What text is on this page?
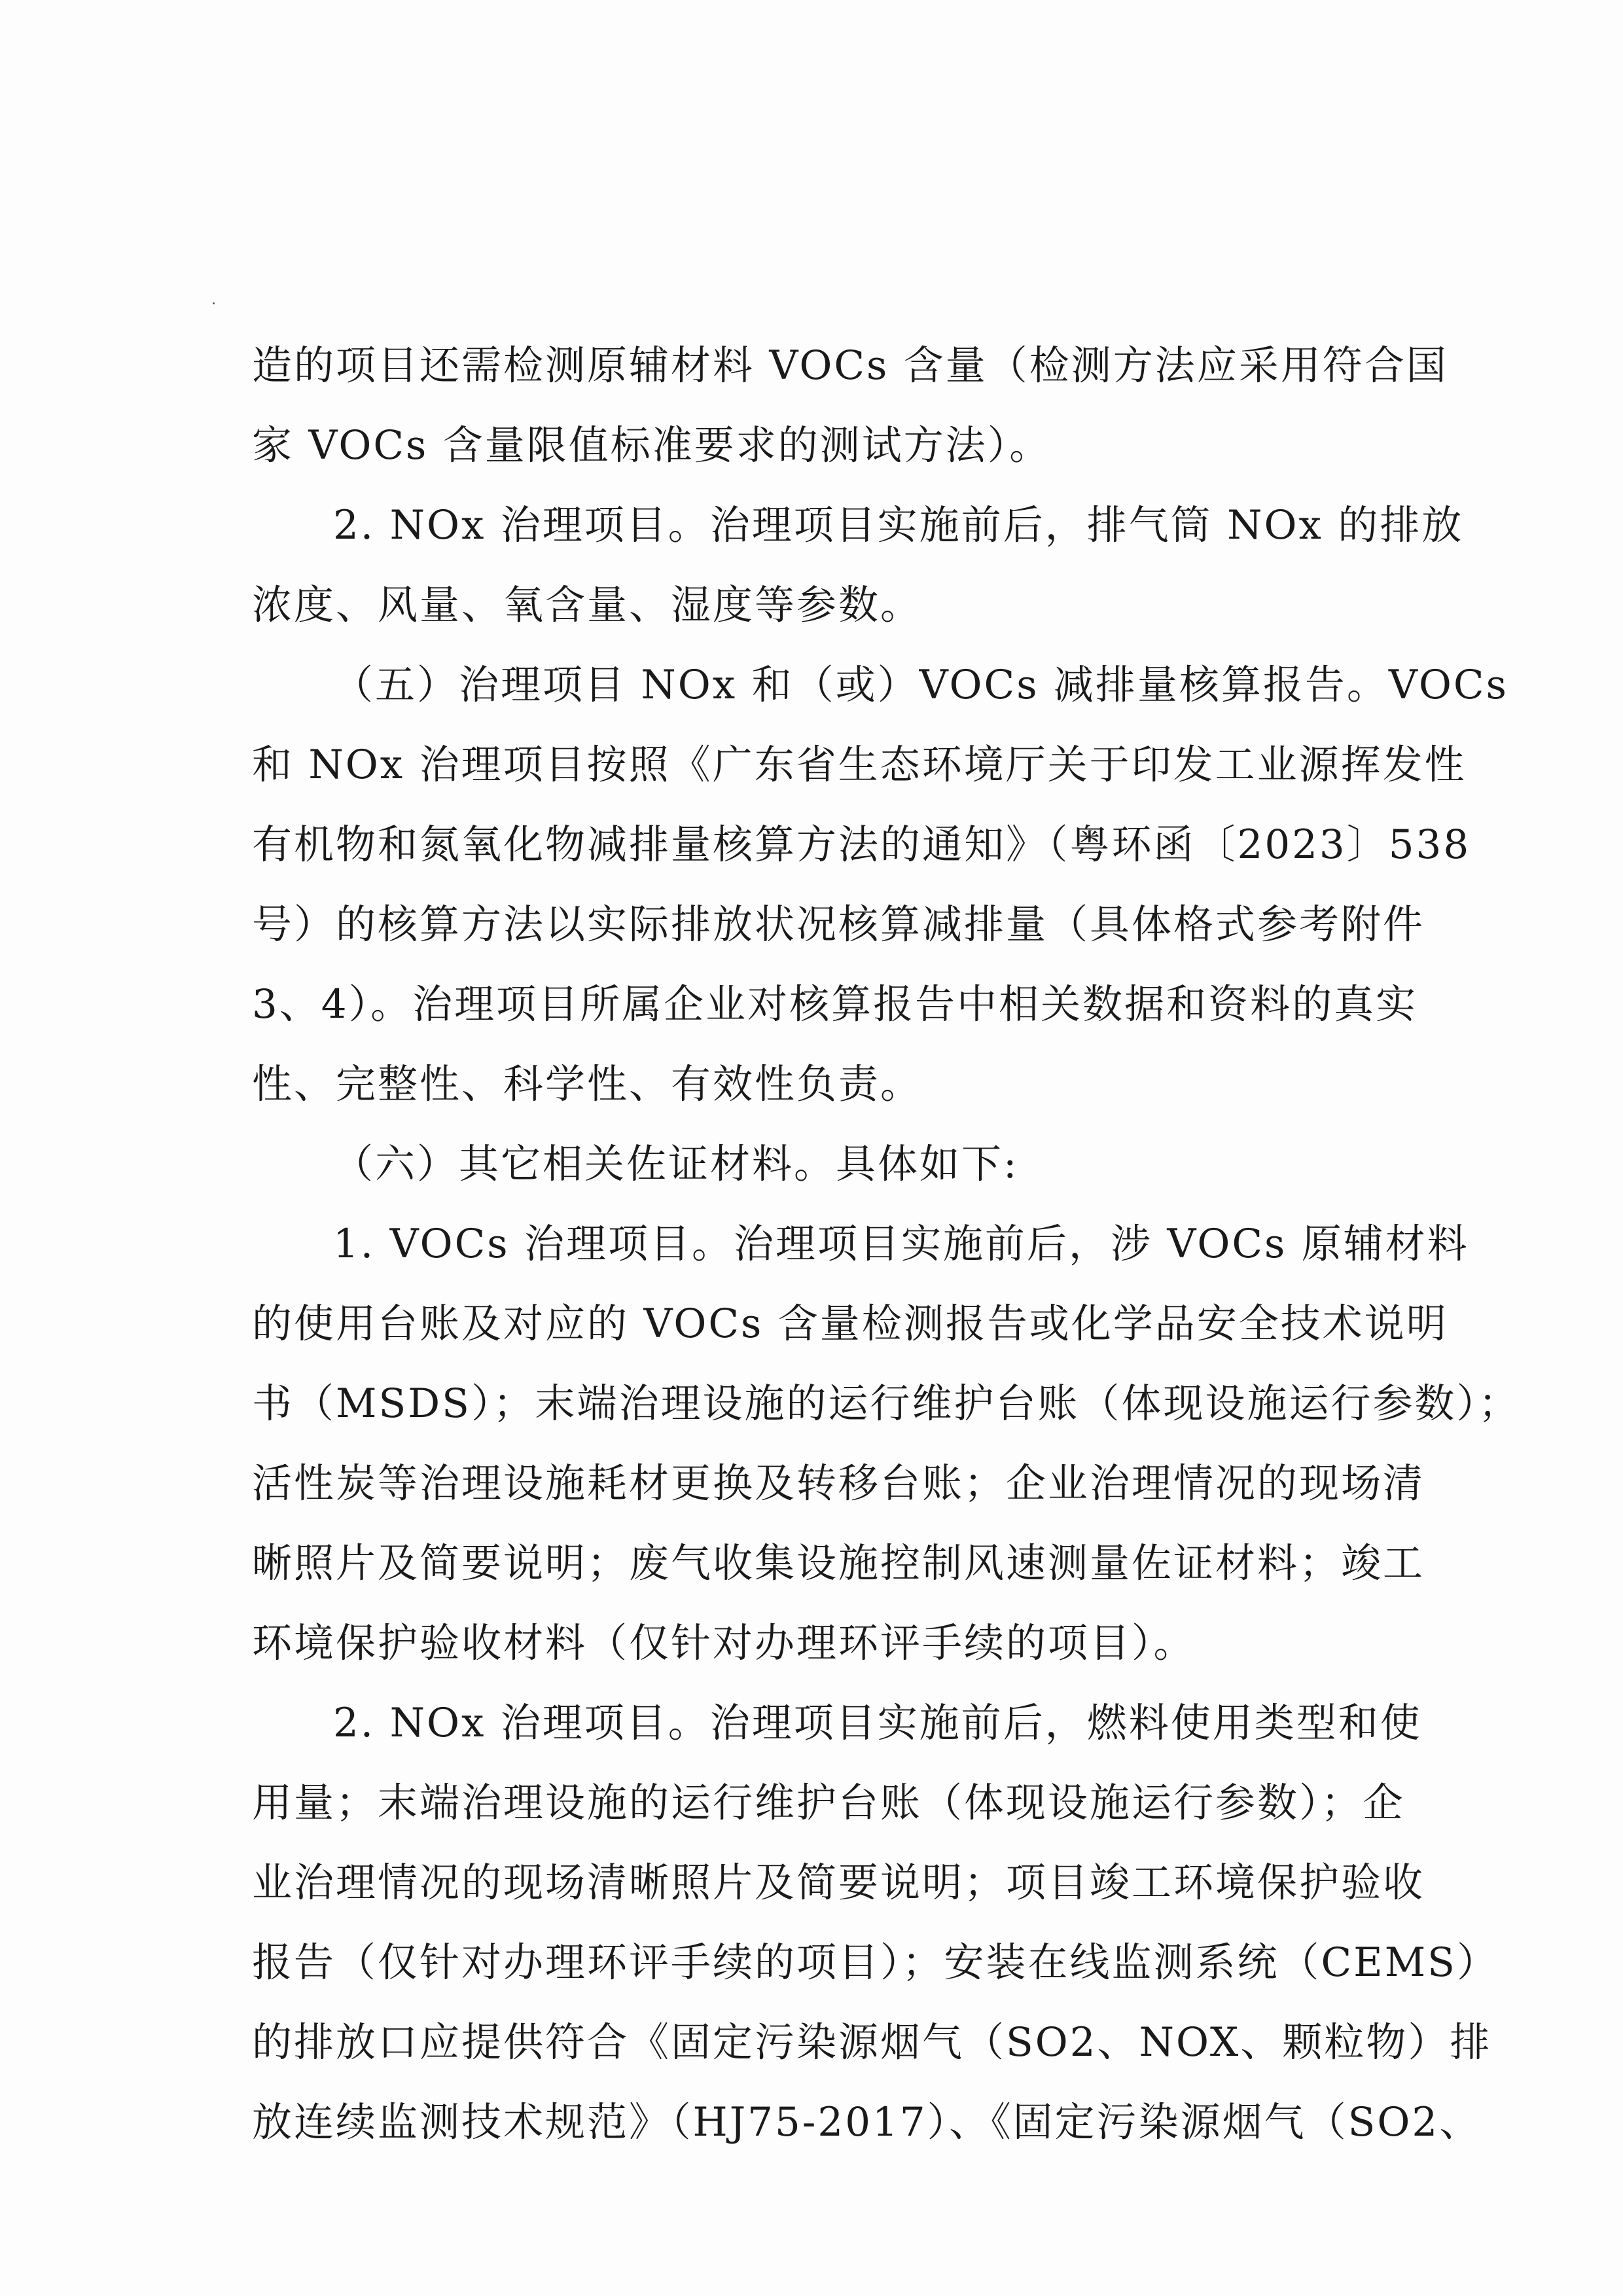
造的项目还需检测原辅材料 VOCs 含量（检测方法应采用符合国
家 VOCs 含量限值标准要求的测试方法）。
2. NOx 治理项目。治理项目实施前后，排气筒 NOx 的排放
浓度、风量、氧含量、湿度等参数。
（五）治理项目 NOx 和（或）VOCs 减排量核算报告。VOCs
和 NOx 治理项目按照《广东省生态环境厅关于印发工业源挥发性
有机物和氮氧化物减排量核算方法的通知》（粤环函〔2023〕538
号）的核算方法以实际排放状况核算减排量（具体格式参考附件
3、4）。治理项目所属企业对核算报告中相关数据和资料的真实
性、完整性、科学性、有效性负责。
（六）其它相关佐证材料。具体如下:
1. VOCs 治理项目。治理项目实施前后，涉 VOCs 原辅材料
的使用台账及对应的 VOCs 含量检测报告或化学品安全技术说明
书（MSDS）；末端治理设施的运行维护台账（体现设施运行参数）；
活性炭等治理设施耗材更换及转移台账；企业治理情况的现场清
晰照片及简要说明；废气收集设施控制风速测量佐证材料；竣工
环境保护验收材料（仅针对办理环评手续的项目）。
2. NOx 治理项目。治理项目实施前后，燃料使用类型和使
用量；末端治理设施的运行维护台账（体现设施运行参数）；企
业治理情况的现场清晰照片及简要说明；项目竣工环境保护验收
报告（仅针对办理环评手续的项目）；安装在线监测系统（CEMS）
的排放口应提供符合《固定污染源烟气（SO2、NOX、颗粒物）排
放连续监测技术规范》（HJ75-2017）、《固定污染源烟气（SO2、
